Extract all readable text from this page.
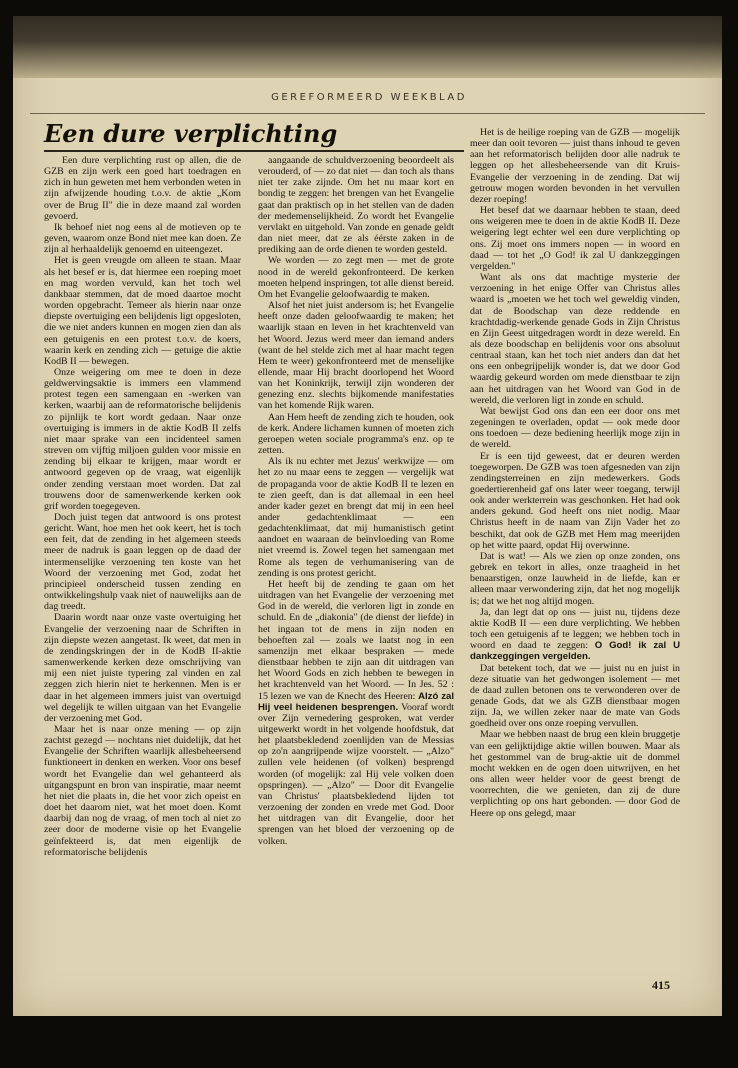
GEREFORMEERD WEEKBLAD
Een dure verplichting

Een dure verplichting rust op allen, die de GZB en zijn werk een goed hart toedragen en zich in hun geweten met hem verbonden weten in zijn afwijzende houding t.o.v. de aktie „Kom over de Brug II" die in deze maand zal worden gevoerd.

Ik behoef niet nog eens al de motieven op te geven, waarom onze Bond niet mee kan doen. Ze zijn al herhaaldelijk genoemd en uiteengezet.

Het is geen vreugde om alleen te staan. Maar als het besef er is, dat hiermee een roeping moet en mag worden vervuld, kan het toch wel dankbaar stemmen, dat de moed daartoe mocht worden opgebracht. Temeer als hierin naar onze diepste overtuiging een belijdenis ligt opgesloten, die we niet anders kunnen en mogen zien dan als een getuigenis en een protest t.o.v. de koers, waarin kerk en zending zich — getuige die aktie KodB II — bewegen.

Onze weigering om mee te doen in deze geldwervingsaktie is immers een vlammend protest tegen een samengaan en -werken van kerken, waarbij aan de reformatorische belijdenis zo pijnlijk te kort wordt gedaan. Naar onze overtuiging is immers in de aktie KodB II zelfs niet maar sprake van een incidenteel samen streven om vijftig miljoen gulden voor missie en zending bij elkaar te krijgen, maar wordt er antwoord gegeven op de vraag, wat eigenlijk onder zending verstaan moet worden. Dat zal trouwens door de samenwerkende kerken ook grif worden toegegeven.

Doch juist tegen dat antwoord is ons protest gericht. Want, hoe men het ook keert, het is toch een feit, dat de zending in het algemeen steeds meer de nadruk is gaan leggen op de daad der intermenselijke verzoening ten koste van het Woord der verzoening met God, zodat het principieel onderscheid tussen zending en ontwikkelingshulp vaak niet of nauwelijks aan de dag treedt.

Daarin wordt naar onze vaste overtuiging het Evangelie der verzoening naar de Schriften in zijn diepste wezen aangetast. Ik weet, dat men in de zendingskringen der in de KodB II-aktie samenwerkende kerken deze omschrijving van mij een niet juiste typering zal vinden en zal zeggen zich hierin niet te herkennen. Men is er daar in het algemeen immers juist van overtuigd wel degelijk te willen uitgaan van het Evangelie der verzoening met God.

Maar het is naar onze mening — op zijn zachtst gezegd — nochtans niet duidelijk, dat het Evangelie der Schriften waarlijk allesbeheersend funktioneert in denken en werken. Voor ons besef wordt het Evangelie dan wel gehanteerd als uitgangspunt en bron van inspiratie, maar neemt het niet die plaats in, die het voor zich opeist en doet het daarom niet, wat het moet doen. Komt daarbij dan nog de vraag, of men toch al niet zo zeer door de moderne visie op het Evangelie geïnfekteerd is, dat men eigenlijk de reformatorische belijdenis

aangaande de schuldverzoening beoordeelt als verouderd, of — zo dat niet — dan toch als thans niet ter zake zijnde. Om het nu maar kort en bondig te zeggen: het brengen van het Evangelie gaat dan praktisch op in het stellen van de daden der medemenselijkheid. Zo wordt het Evangelie vervlakt en uitgehold. Van zonde en genade geldt dan niet meer, dat ze als éérste zaken in de prediking aan de orde dienen te worden gesteld.

We worden — zo zegt men — met de grote nood in de wereld gekonfronteerd. De kerken moeten helpend inspringen, tot alle dienst bereid. Om het Evangelie geloofwaardig te maken.

Alsof het niet juist andersom is; het Evangelie heeft onze daden geloofwaardig te maken; het waarlijk staan en leven in het krachtenveld van het Woord. Jezus werd meer dan iemand anders (want de hel stelde zich met al haar macht tegen Hem te weer) gekonfronteerd met de menselijke ellende, maar Hij bracht doorlopend het Woord van het Koninkrijk, terwijl zijn wonderen der genezing enz. slechts bijkomende manifestaties van het komende Rijk waren.

Aan Hem heeft de zending zich te houden, ook de kerk. Andere lichamen kunnen of moeten zich geroepen weten sociale programma's enz. op te zetten.

Als ik nu echter met Jezus' werkwijze — om het zo nu maar eens te zeggen — vergelijk wat de propaganda voor de aktie KodB II te lezen en te zien geeft, dan is dat allemaal in een heel ander kader gezet en brengt dat mij in een heel ander gedachtenklimaat — een gedachtenklimaat, dat mij humanistisch getint aandoet en waaraan de beïnvloeding van Rome niet vreemd is. Zowel tegen het samengaan met Rome als tegen de verhumanisering van de zending is ons protest gericht.

Het heeft bij de zending te gaan om het uitdragen van het Evangelie der verzoening met God in de wereld, die verloren ligt in zonde en schuld. En de „diakonia" (de dienst der liefde) in het ingaan tot de mens in zijn noden en behoeften zal — zoals we laatst nog in een samenzijn met elkaar bespraken — mede dienstbaar hebben te zijn aan dit uitdragen van het Woord Gods en zich hebben te bewegen in het krachtenveld van het Woord. — In Jes. 52 : 15 lezen we van de Knecht des Heeren: Alzó zal Hij veel heidenen besprengen. Vooraf wordt over Zijn vernedering gesproken, wat verder uitgewerkt wordt in het volgende hoofdstuk, dat het plaatsbekledend zoenlijden van de Messias op zo'n aangrijpende wijze voorstelt. — „Alzo" zullen vele heidenen (of volken) besprengd worden (of mogelijk: zal Hij vele volken doen opspringen). — „Alzo" — Door dit Evangelie van Christus' plaatsbekledend lijden tot verzoening der zonden en vrede met God. Door het uitdragen van dit Evangelie, door het sprengen van het bloed der verzoening op de volken.

Het is de heilige roeping van de GZB — mogelijk meer dan ooit tevoren — juist thans inhoud te geven aan het reformatorisch belijden door alle nadruk te leggen op het allesbeheersende van dit Kruis-Evangelie der verzoening in de zending. Dat wij getrouw mogen worden bevonden in het vervullen dezer roeping!

Het besef dat we daarnaar hebben te staan, deed ons weigeren mee te doen in de aktie KodB II. Deze weigering legt echter wel een dure verplichting op ons. Zij moet ons immers nopen — in woord en daad — tot het „O God! ik zal U dankzeggingen vergelden."

Want als ons dat machtige mysterie der verzoening in het enige Offer van Christus alles waard is „moeten we het toch wel geweldig vinden, dat de Boodschap van deze reddende en krachtdadig-werkende genade Gods in Zijn Christus en Zijn Geest uitgedragen wordt in deze wereld. En als deze boodschap en belijdenis voor ons absoluut centraal staan, kan het toch niet anders dan dat het ons een onbegrijpelijk wonder is, dat we door God waardig gekeurd worden om mede dienstbaar te zijn aan het uitdragen van het Woord van God in de wereld, die verloren ligt in zonde en schuld.

Wat bewijst God ons dan een eer door ons met zegeningen te overladen, opdat — ook mede door ons toedoen — deze bediening heerlijk moge zijn in de wereld.

Er is een tijd geweest, dat er deuren werden toegeworpen. De GZB was toen afgesneden van zijn zendingsterreinen en zijn medewerkers. Gods goedertierenheid gaf ons later weer toegang, terwijl ook ander werkterrein was geschonken. Het had ook anders gekund. God heeft ons niet nodig. Maar Christus heeft in de naam van Zijn Vader het zo beschikt, dat ook de GZB met Hem mag meerijden op het witte paard, opdat Hij overwinne.

Dat is wat! — Als we zien op onze zonden, ons gebrek en tekort in alles, onze traagheid in het benaarstigen, onze lauwheid in de liefde, kan er alleen maar verwondering zijn, dat het nog mogelijk is; dat we het nog altijd mogen.

Ja, dan legt dat op ons — juist nu, tijdens deze aktie KodB II — een dure verplichting. We hebben toch een getuigenis af te leggen; we hebben toch in woord en daad te zeggen: O God! ik zal U dankzeggingen vergelden.

Dat betekent toch, dat we — juist nu en juist in deze situatie van het gedwongen isolement — met de daad zullen betonen ons te verwonderen over de genade Gods, dat we als GZB dienstbaar mogen zijn. Ja, we willen zeker naar de mate van Gods goedheid over ons onze roeping vervullen.

Maar we hebben naast de brug een klein bruggetje van een gelijktijdige aktie willen bouwen. Maar als het gestommel van de brug-aktie uit de dommel mocht wekken en de ogen doen uitwrijven, en het ons allen weer helder voor de geest brengt de voorrechten, die we genieten, dan zij de dure verplichting op ons hart gebonden. — door God de Heere op ons gelegd, maar

415
